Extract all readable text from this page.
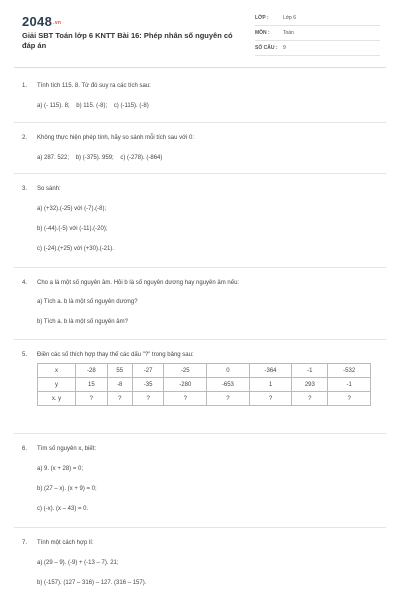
2048.vn
Giải SBT Toán lớp 6 KNTT Bài 16: Phép nhân số nguyên có đáp án
LỚP :	Lớp 6
MÔN :	Toán
SỐ CÂU : 9
1. Tính tích 115. 8. Từ đó suy ra các tích sau:
a) (- 115). 8;    b) 115. (-8);    c) (-115). (-8)
2. Không thực hiện phép tính, hãy so sánh mỗi tích sau với 0:
a) 287. 522;    b) (-375). 959;    c) (-278). (-864)
3. So sánh:
a) (+32).(-25) với (-7).(-8);
b) (-44).(-5) với (-11).(-20);
c) (-24).(+25) với (+30).(-21).
4. Cho a là một số nguyên âm. Hỏi b là số nguyên dương hay nguyên âm nếu:
a) Tích a. b là một số nguyên dương?
b) Tích a. b là một số nguyên âm?
5. Điền các số thích hợp thay thế các dấu "?" trong bảng sau:
x	-28	55	-27	-25	0	-364	-1	-532
y	15	-8	-35	-280	-653	1	293	-1
x. y	?	?	?	?	?	?	?	?
6. Tìm số nguyên x, biết:
a) 9. (x + 28) = 0;
b) (27 – x). (x + 9) = 0;
c) (-x). (x – 43) = 0.
7. Tính một cách hợp lí:
a) (29 – 9). (-9) + (-13 – 7). 21;
b) (-157). (127 – 316) – 127. (316 – 157).
